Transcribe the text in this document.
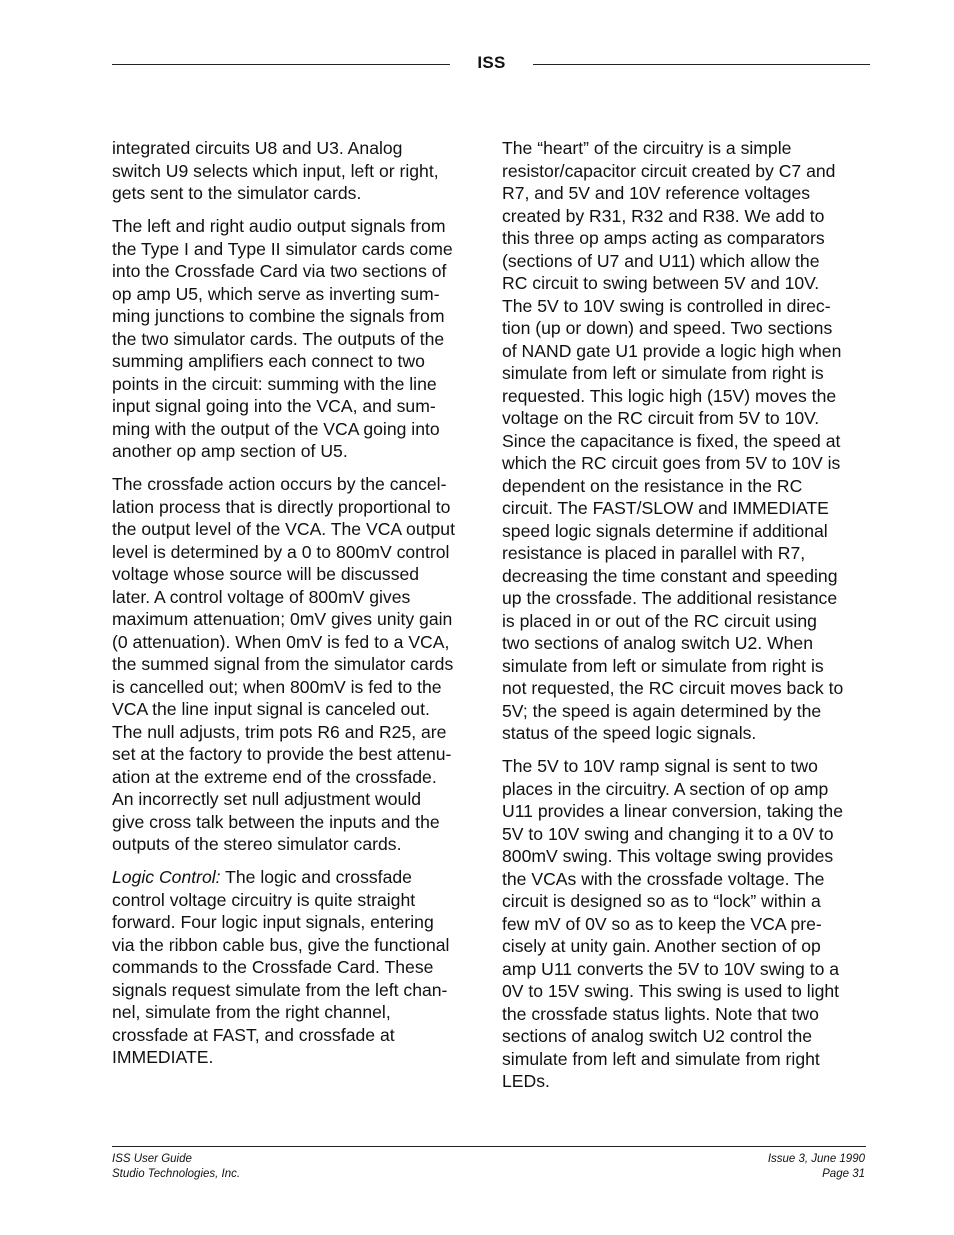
ISS

integrated circuits U8 and U3. Analog
switch U9 selects which input, left or right,
gets sent to the simulator cards.

The left and right audio output signals from
the Type I and Type II simulator cards come
into the Crossfade Card via two sections of
op amp U5, which serve as inverting sum-
ming junctions to combine the signals from
the two simulator cards. The outputs of the
summing amplifiers each connect to two
points in the circuit: summing with the line
input signal going into the VCA, and sum-
ming with the output of the VCA going into
another op amp section of U5.

The crossfade action occurs by the cancel-
lation process that is directly proportional to
the output level of the VCA. The VCA output
level is determined by a 0 to 800mV control
voltage whose source will be discussed
later. A control voltage of 800mV gives
maximum attenuation; 0mV gives unity gain
(0 attenuation). When 0mV is fed to a VCA,
the summed signal from the simulator cards
is cancelled out; when 800mV is fed to the
VCA the line input signal is canceled out.
The null adjusts, trim pots R6 and R25, are
set at the factory to provide the best attenu-
ation at the extreme end of the crossfade.
An incorrectly set null adjustment would
give cross talk between the inputs and the
outputs of the stereo simulator cards.

Logic Control: The logic and crossfade
control voltage circuitry is quite straight
forward. Four logic input signals, entering
via the ribbon cable bus, give the functional
commands to the Crossfade Card. These
signals request simulate from the left chan-
nel, simulate from the right channel,
crossfade at FAST, and crossfade at
IMMEDIATE.

The “heart” of the circuitry is a simple
resistor/capacitor circuit created by C7 and
R7, and 5V and 10V reference voltages
created by R31, R32 and R38. We add to
this three op amps acting as comparators
(sections of U7 and U11) which allow the
RC circuit to swing between 5V and 10V.
The 5V to 10V swing is controlled in direc-
tion (up or down) and speed. Two sections
of NAND gate U1 provide a logic high when
simulate from left or simulate from right is
requested. This logic high (15V) moves the
voltage on the RC circuit from 5V to 10V.
Since the capacitance is fixed, the speed at
which the RC circuit goes from 5V to 10V is
dependent on the resistance in the RC
circuit. The FAST/SLOW and IMMEDIATE
speed logic signals determine if additional
resistance is placed in parallel with R7,
decreasing the time constant and speeding
up the crossfade. The additional resistance
is placed in or out of the RC circuit using
two sections of analog switch U2. When
simulate from left or simulate from right is
not requested, the RC circuit moves back to
5V; the speed is again determined by the
status of the speed logic signals.

The 5V to 10V ramp signal is sent to two
places in the circuitry. A section of op amp
U11 provides a linear conversion, taking the
5V to 10V swing and changing it to a 0V to
800mV swing. This voltage swing provides
the VCAs with the crossfade voltage. The
circuit is designed so as to “lock” within a
few mV of 0V so as to keep the VCA pre-
cisely at unity gain. Another section of op
amp U11 converts the 5V to 10V swing to a
0V to 15V swing. This swing is used to light
the crossfade status lights. Note that two
sections of analog switch U2 control the
simulate from left and simulate from right
LEDs.

ISS User Guide
Studio Technologies, Inc.
Issue 3, June 1990
Page 31
